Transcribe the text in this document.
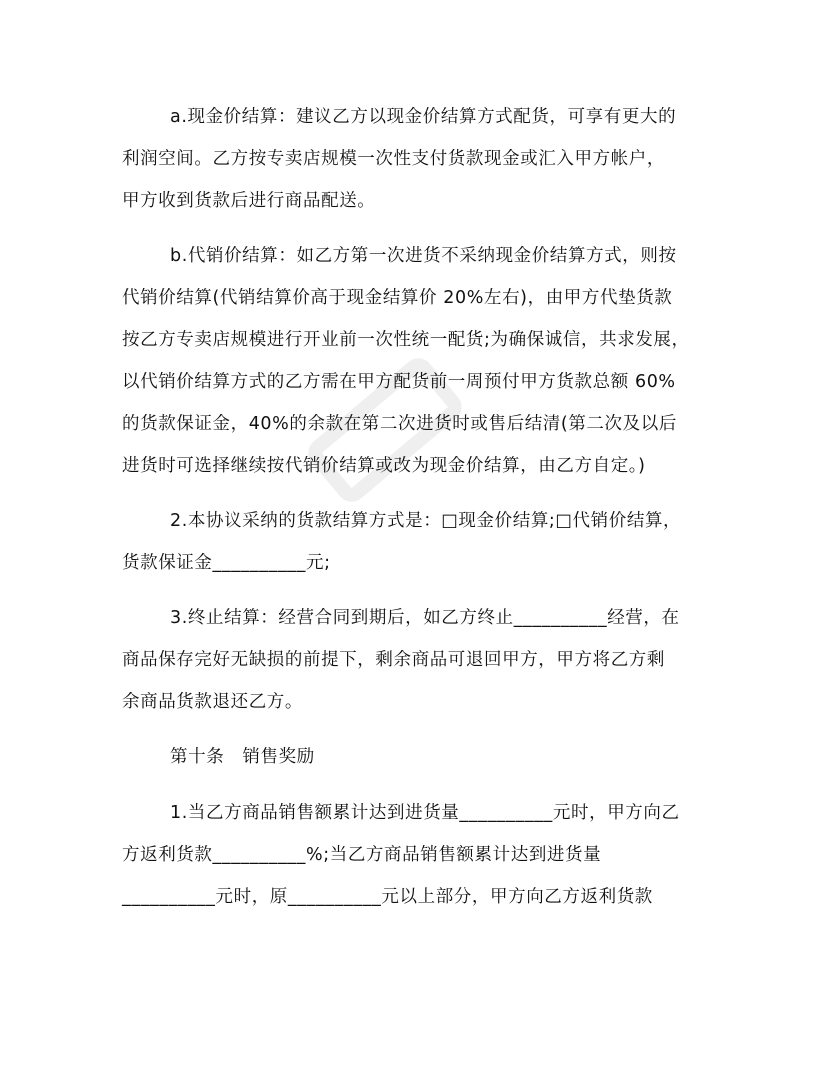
a.现金价结算：建议乙方以现金价结算方式配货，可享有更大的
利润空间。乙方按专卖店规模一次性支付货款现金或汇入甲方帐户，
甲方收到货款后进行商品配送。
b.代销价结算：如乙方第一次进货不采纳现金价结算方式，则按
代销价结算(代销结算价高于现金结算价 20%左右)，由甲方代垫货款
按乙方专卖店规模进行开业前一次性统一配货;为确保诚信，共求发展，
以代销价结算方式的乙方需在甲方配货前一周预付甲方货款总额 60%
的货款保证金，40%的余款在第二次进货时或售后结清(第二次及以后
进货时可选择继续按代销价结算或改为现金价结算，由乙方自定。)
2.本协议采纳的货款结算方式是：□现金价结算;□代销价结算，
货款保证金__________元;
3.终止结算：经营合同到期后，如乙方终止__________经营，在
商品保存完好无缺损的前提下，剩余商品可退回甲方，甲方将乙方剩
余商品货款退还乙方。
第十条　销售奖励
1.当乙方商品销售额累计达到进货量__________元时，甲方向乙
方返利货款__________%;当乙方商品销售额累计达到进货量
__________元时，原__________元以上部分，甲方向乙方返利货款
